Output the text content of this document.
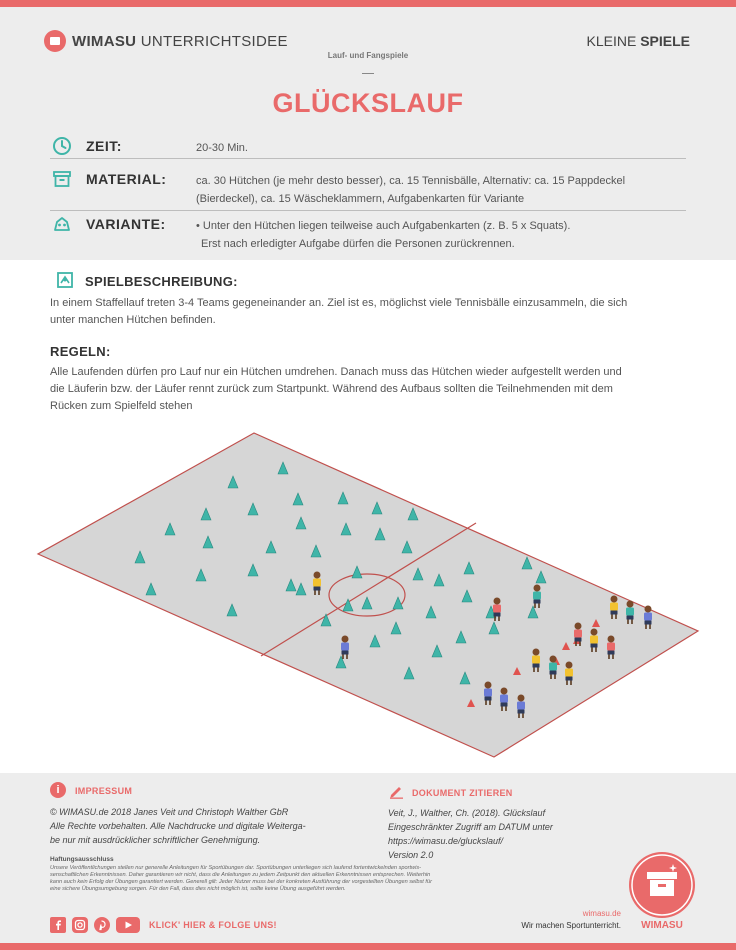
WIMASU UNTERRICHTSIDEE
Lauf- und Fangspiele
KLEINE SPIELE
GLÜCKSLAUF
ZEIT:	20-30 Min.
MATERIAL:	ca. 30 Hütchen (je mehr desto besser), ca. 15 Tennisbälle, Alternativ: ca. 15 Pappdeckel
(Bierdeckel), ca. 15 Wäscheklammern, Aufgabenkarten für Variante
VARIANTE:	• Unter den Hütchen liegen teilweise auch Aufgabenkarten (z. B. 5 x Squats).
Erst nach erledigter Aufgabe dürfen die Personen zurückrennen.
SPIELBESCHREIBUNG:
In einem Staffellauf treten 3-4 Teams gegeneinander an. Ziel ist es, möglichst viele Tennisbälle einzusammeln, die sich
unter manchen Hütchen befinden.
REGELN:
Alle Laufenden dürfen pro Lauf nur ein Hütchen umdrehen. Danach muss das Hütchen wieder aufgestellt werden und
die Läuferin bzw. der Läufer rennt zurück zum Startpunkt. Während des Aufbaus sollten die Teilnehmenden mit dem
Rücken zum Spielfeld stehen
i	IMPRESSUM
© WIMASU.de 2018 Janes Veit und Christoph Walther GbR
Alle Rechte vorbehalten. Alle Nachdrucke und digitale Weiterga-
be nur mit ausdrücklicher schriftlicher Genehmigung.
Haftungsausschluss
Unsere Veröffentlichungen stellen nur generelle Anleitungen für Sportübungen dar. Sportübungen unterliegen sich laufend fortentwickelnden sportwis-
senschaftlichen Erkenntnissen. Daher garantieren wir nicht, dass die Anleitungen zu jedem Zeitpunkt den aktuellen Erkenntnissen entsprechen. Weiterhin
kann auch kein Erfolg der Übungen garantiert werden. Generell gilt: Jeder Nutzer muss bei der konkreten Ausführung der vorgestellten Übungen selbst für
eine sichere Übungsumgebung sorgen. Für den Fall, dass dies nicht möglich ist, sollte keine Übung ausgeführt werden.
DOKUMENT ZITIEREN
Veit, J., Walther, Ch. (2018). Glückslauf
Eingeschränkter Zugriff am DATUM unter
https://wimasu.de/gluckslauf/
Version 2.0
KLICK' HIER & FOLGE UNS!
wimasu.de
Wir machen Sportunterricht.	WIMASU
